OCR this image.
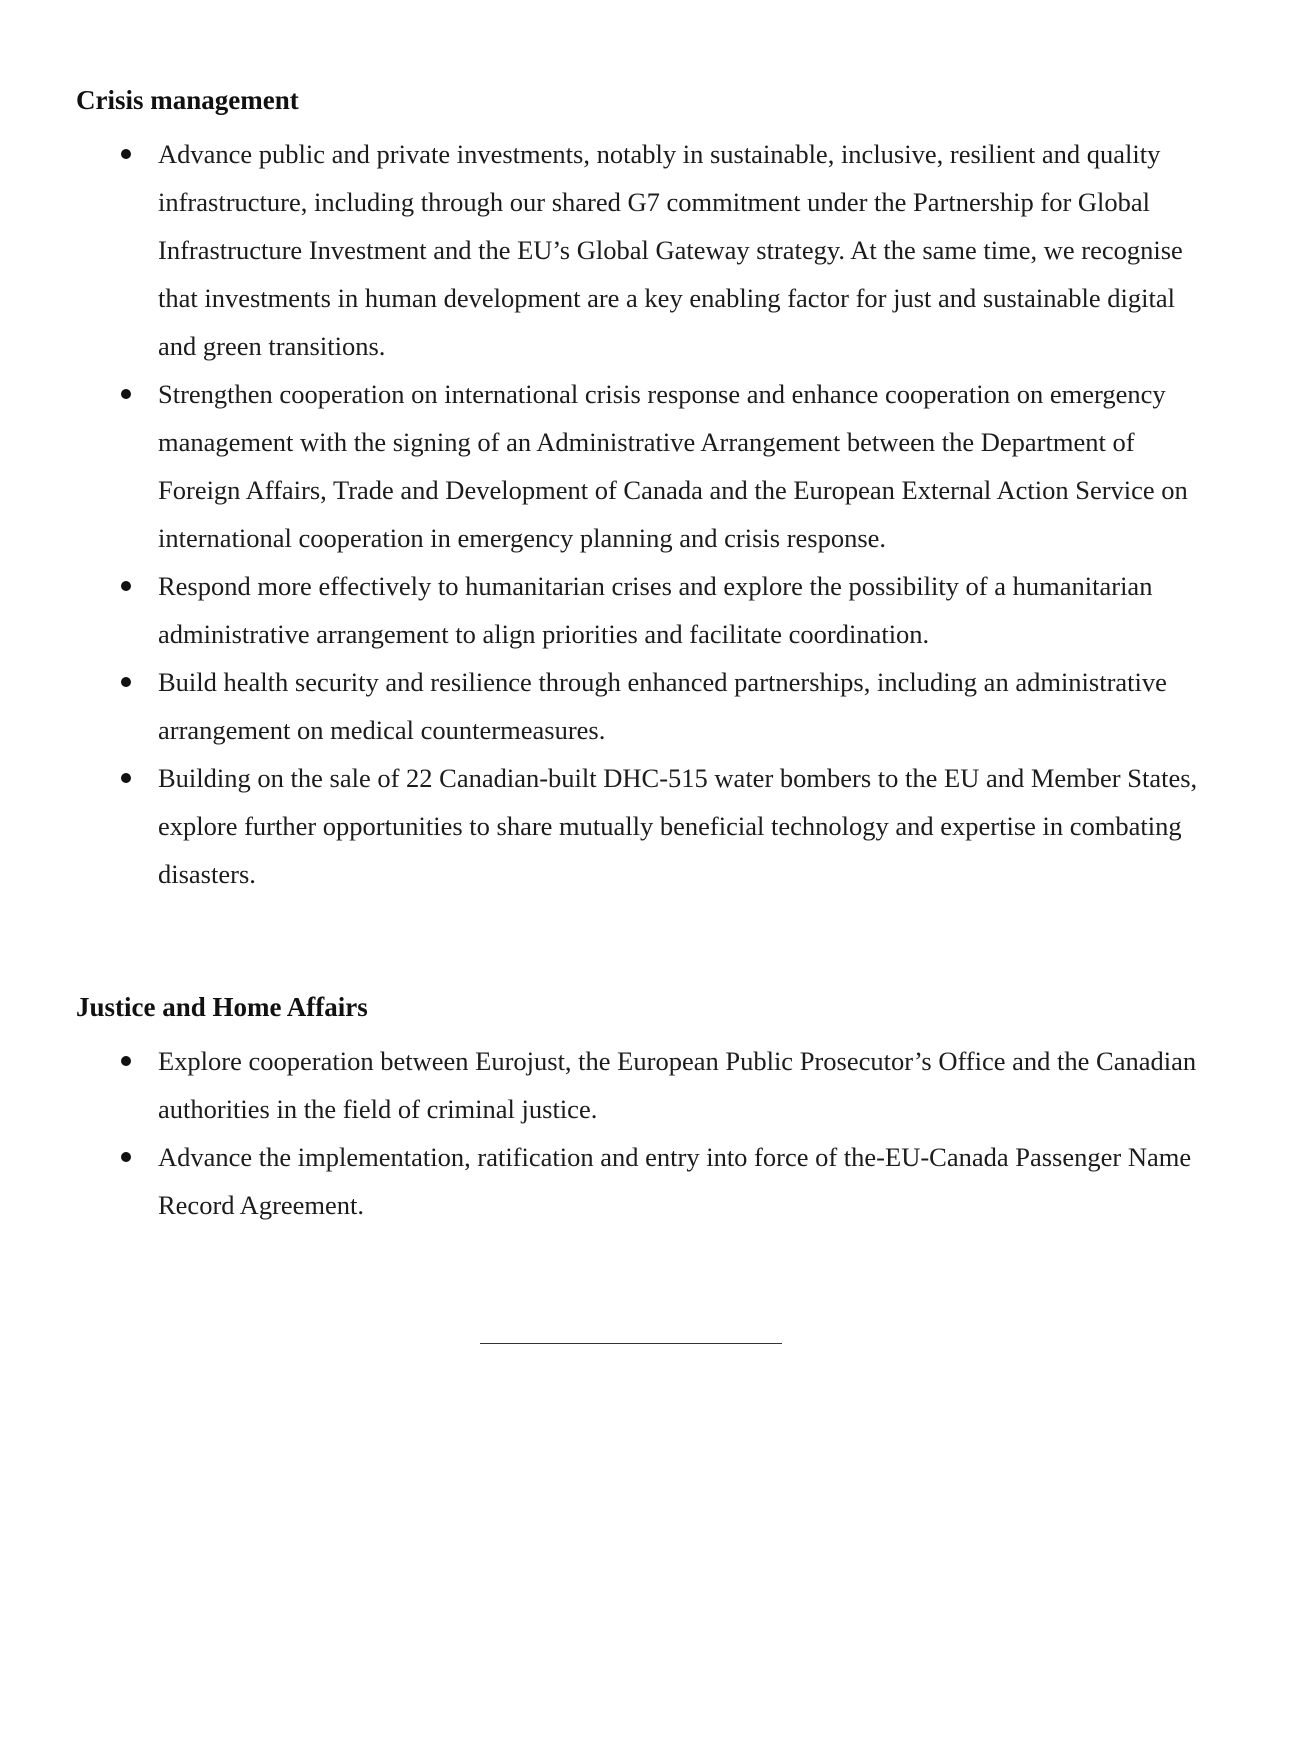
Crisis management
Advance public and private investments, notably in sustainable, inclusive, resilient and quality infrastructure, including through our shared G7 commitment under the Partnership for Global Infrastructure Investment and the EU’s Global Gateway strategy. At the same time, we recognise that investments in human development are a key enabling factor for just and sustainable digital and green transitions.
Strengthen cooperation on international crisis response and enhance cooperation on emergency management with the signing of an Administrative Arrangement between the Department of Foreign Affairs, Trade and Development of Canada and the European External Action Service on international cooperation in emergency planning and crisis response.
Respond more effectively to humanitarian crises and explore the possibility of a humanitarian administrative arrangement to align priorities and facilitate coordination.
Build health security and resilience through enhanced partnerships, including an administrative arrangement on medical countermeasures.
Building on the sale of 22 Canadian-built DHC-515 water bombers to the EU and Member States, explore further opportunities to share mutually beneficial technology and expertise in combating disasters.
Justice and Home Affairs
Explore cooperation between Eurojust, the European Public Prosecutor’s Office and the Canadian authorities in the field of criminal justice.
Advance the implementation, ratification and entry into force of the-EU-Canada Passenger Name Record Agreement.
